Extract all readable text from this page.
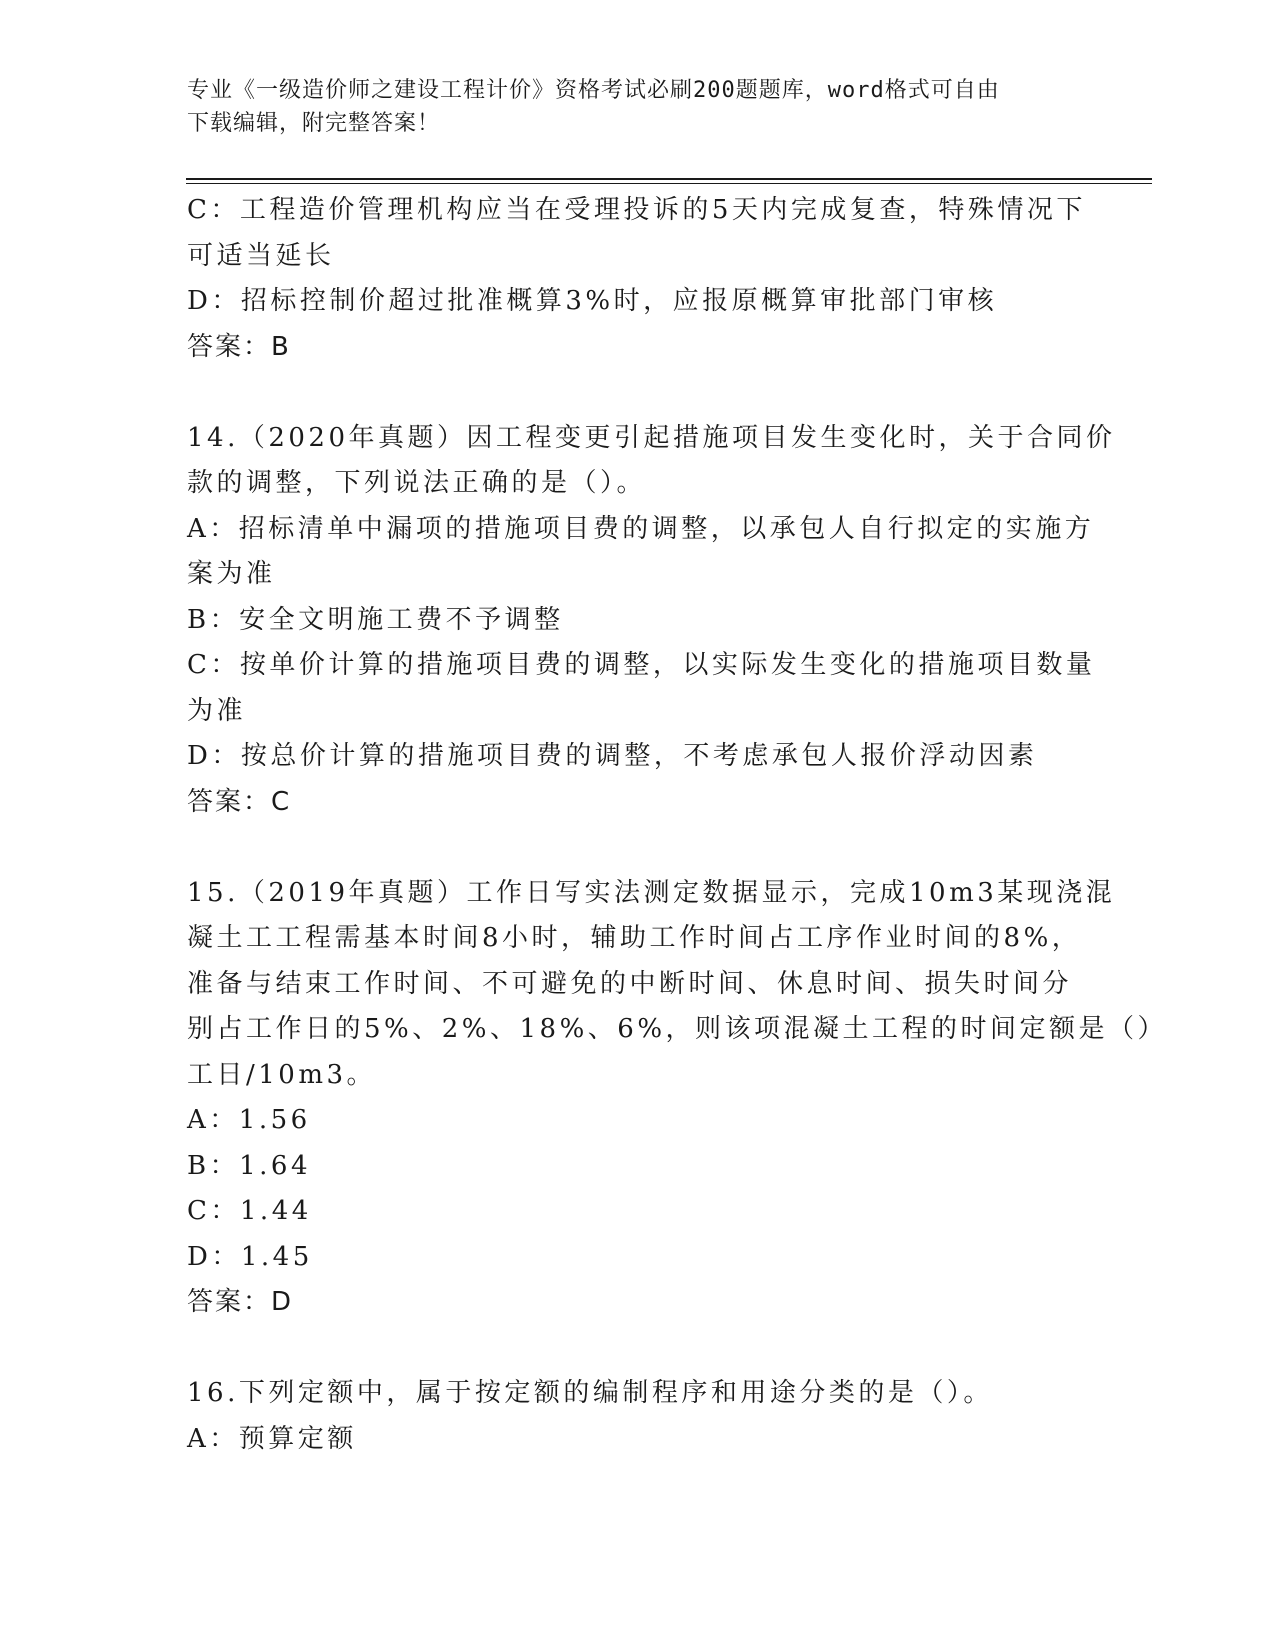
专业《一级造价师之建设工程计价》资格考试必刷200题题库，word格式可自由
下载编辑，附完整答案！
C：工程造价管理机构应当在受理投诉的5天内完成复查，特殊情况下
可适当延长
D：招标控制价超过批准概算3%时，应报原概算审批部门审核
答案：B
14.（2020年真题）因工程变更引起措施项目发生变化时，关于合同价
款的调整，下列说法正确的是（）。
A：招标清单中漏项的措施项目费的调整，以承包人自行拟定的实施方
案为准
B：安全文明施工费不予调整
C：按单价计算的措施项目费的调整，以实际发生变化的措施项目数量
为准
D：按总价计算的措施项目费的调整，不考虑承包人报价浮动因素
答案：C
15.（2019年真题）工作日写实法测定数据显示，完成10m3某现浇混
凝土工工程需基本时间8小时，辅助工作时间占工序作业时间的8%，
准备与结束工作时间、不可避免的中断时间、休息时间、损失时间分
别占工作日的5%、2%、18%、6%，则该项混凝土工程的时间定额是（）
工日/10m3。
A：1.56
B：1.64
C：1.44
D：1.45
答案：D
16.下列定额中，属于按定额的编制程序和用途分类的是（）。
A：预算定额
